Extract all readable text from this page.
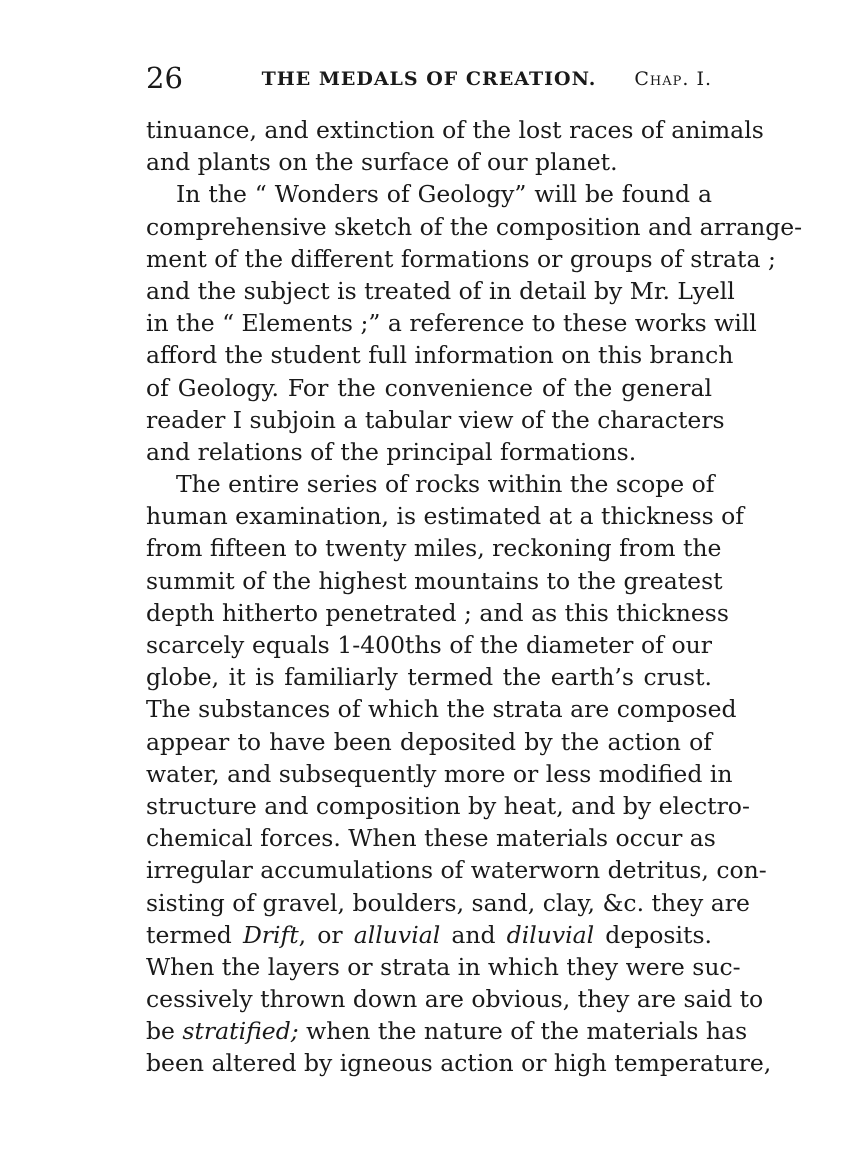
26	THE MEDALS OF CREATION.	Chap. I.
tinuance, and extinction of the lost races of animals
and plants on the surface of our planet.
In the “ Wonders of Geology” will be found a
comprehensive sketch of the composition and arrange-
ment of the different formations or groups of strata ;
and the subject is treated of in detail by Mr. Lyell
in the “ Elements ;” a reference to these works will
afford the student full information on this branch
of Geology. For the convenience of the general
reader I subjoin a tabular view of the characters
and relations of the principal formations.
The entire series of rocks within the scope of
human examination, is estimated at a thickness of
from fifteen to twenty miles, reckoning from the
summit of the highest mountains to the greatest
depth hitherto penetrated ; and as this thickness
scarcely equals 1-400ths of the diameter of our
globe, it is familiarly termed the earth’s crust.
The substances of which the strata are composed
appear to have been deposited by the action of
water, and subsequently more or less modified in
structure and composition by heat, and by electro-
chemical forces. When these materials occur as
irregular accumulations of waterworn detritus, con-
sisting of gravel, boulders, sand, clay, &c. they are
termed Drift, or alluvial and diluvial deposits.
When the layers or strata in which they were suc-
cessively thrown down are obvious, they are said to
be stratified; when the nature of the materials has
been altered by igneous action or high temperature,
